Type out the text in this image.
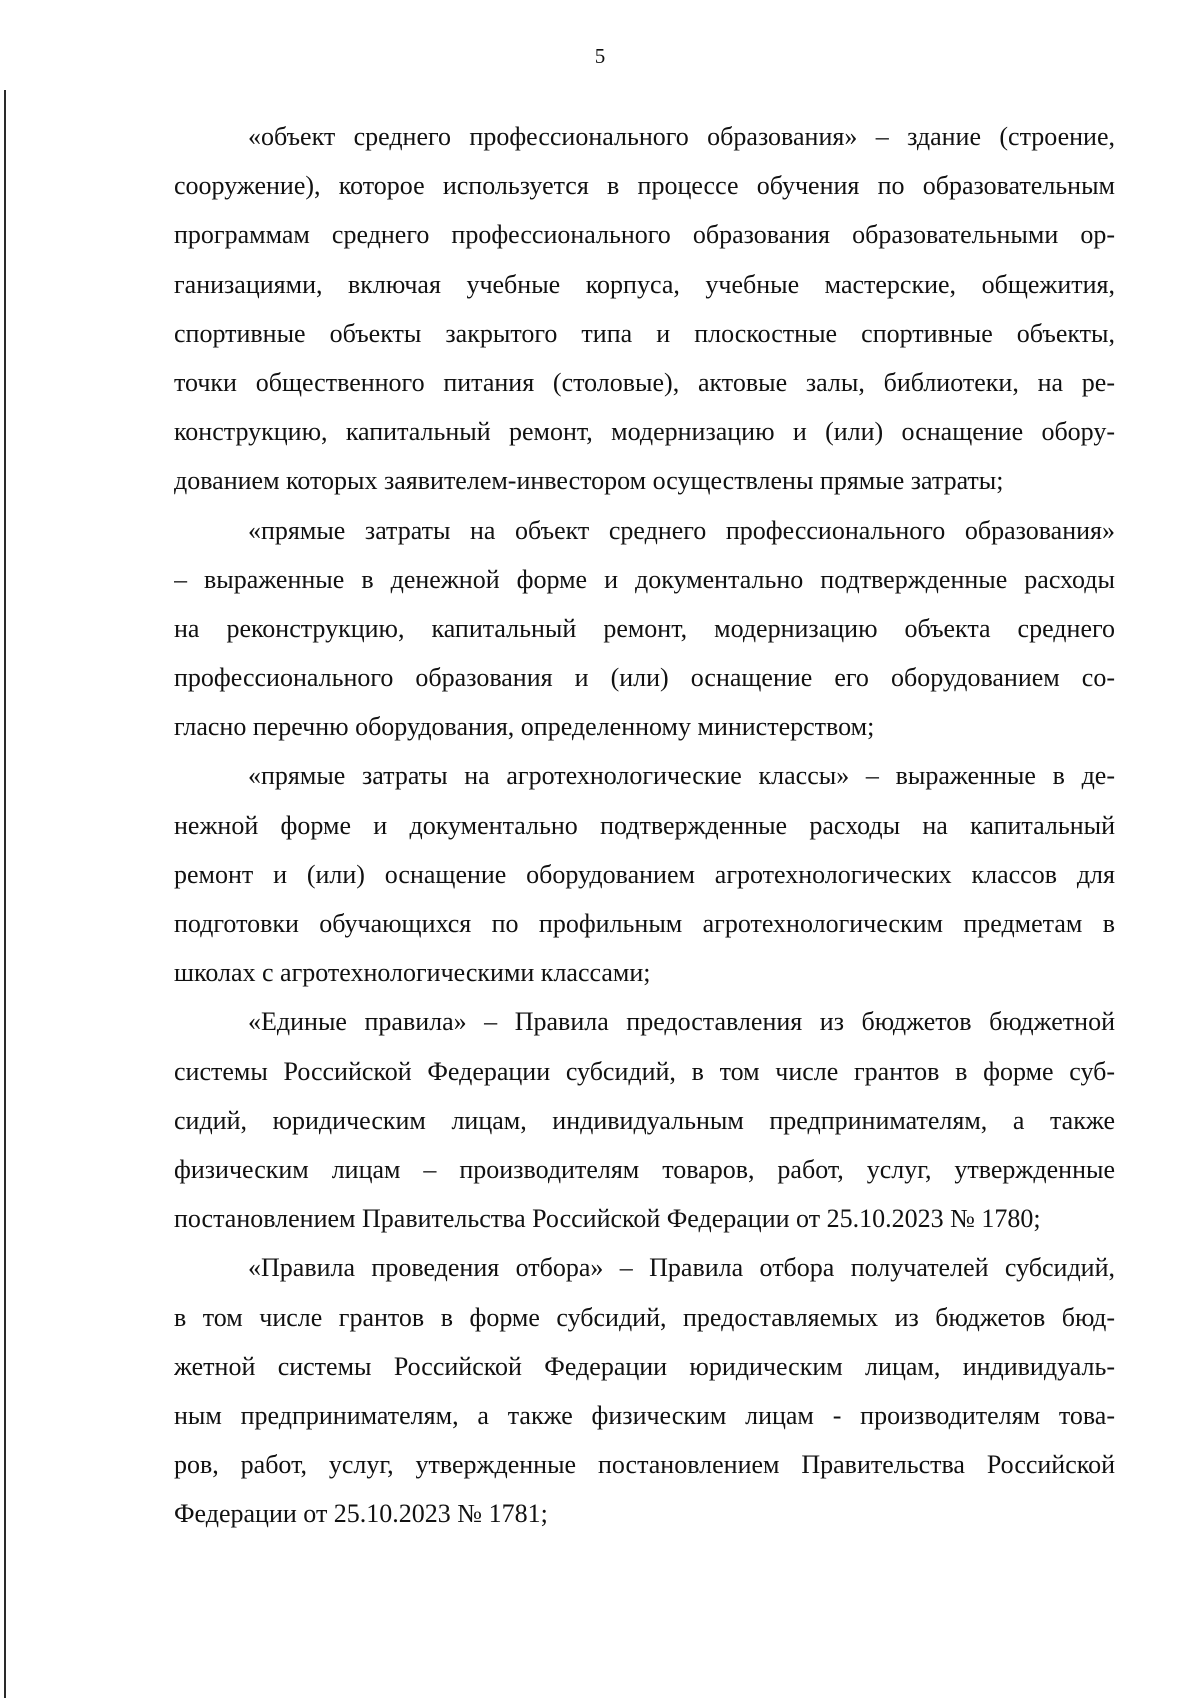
5
«объект среднего профессионального образования» – здание (строение,
сооружение), которое используется в процессе обучения по образовательным
программам среднего профессионального образования образовательными ор-
ганизациями, включая учебные корпуса, учебные мастерские, общежития,
спортивные объекты закрытого типа и плоскостные спортивные объекты,
точки общественного питания (столовые), актовые залы, библиотеки, на ре-
конструкцию, капитальный ремонт, модернизацию и (или) оснащение обору-
дованием которых заявителем-инвестором осуществлены прямые затраты;
«прямые затраты на объект среднего профессионального образования»
– выраженные в денежной форме и документально подтвержденные расходы
на реконструкцию, капитальный ремонт, модернизацию объекта среднего
профессионального образования и (или) оснащение его оборудованием со-
гласно перечню оборудования, определенному министерством;
«прямые затраты на агротехнологические классы» – выраженные в де-
нежной форме и документально подтвержденные расходы на капитальный
ремонт и (или) оснащение оборудованием агротехнологических классов для
подготовки обучающихся по профильным агротехнологическим предметам в
школах с агротехнологическими классами;
«Единые правила» – Правила предоставления из бюджетов бюджетной
системы Российской Федерации субсидий, в том числе грантов в форме суб-
сидий, юридическим лицам, индивидуальным предпринимателям, а также
физическим лицам – производителям товаров, работ, услуг, утвержденные
постановлением Правительства Российской Федерации от 25.10.2023 № 1780;
«Правила проведения отбора» – Правила отбора получателей субсидий,
в том числе грантов в форме субсидий, предоставляемых из бюджетов бюд-
жетной системы Российской Федерации юридическим лицам, индивидуаль-
ным предпринимателям, а также физическим лицам - производителям това-
ров, работ, услуг, утвержденные постановлением Правительства Российской
Федерации от 25.10.2023 № 1781;
